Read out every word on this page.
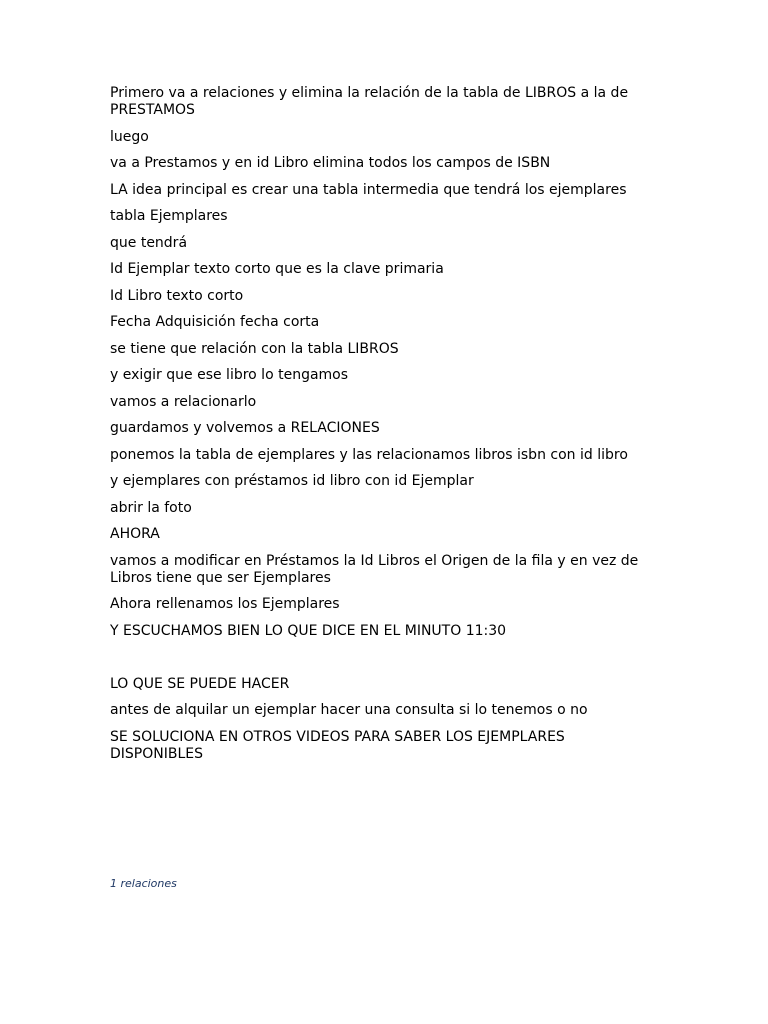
Primero va a relaciones y elimina la relación de la tabla de LIBROS a la de PRESTAMOS

luego

va a Prestamos y en id Libro elimina todos los campos de ISBN

LA idea principal es crear una tabla intermedia que tendrá los ejemplares

tabla Ejemplares

que tendrá

Id Ejemplar texto corto que es la clave primaria

Id Libro texto corto

Fecha Adquisición fecha corta

se tiene que relación con la tabla LIBROS

y exigir que ese libro lo tengamos

vamos a relacionarlo

guardamos y volvemos a RELACIONES

ponemos la tabla de ejemplares y las relacionamos libros isbn con id libro

y ejemplares con préstamos id libro con id Ejemplar

abrir la foto

AHORA

vamos a modificar en Préstamos la Id Libros el Origen de la fila y en vez de Libros tiene que ser Ejemplares

Ahora rellenamos los Ejemplares

Y ESCUCHAMOS BIEN LO QUE DICE EN EL MINUTO 11:30

LO QUE SE PUEDE HACER

antes de alquilar un ejemplar hacer una consulta si lo tenemos o no

SE SOLUCIONA EN OTROS VIDEOS PARA SABER LOS EJEMPLARES DISPONIBLES

1 relaciones
